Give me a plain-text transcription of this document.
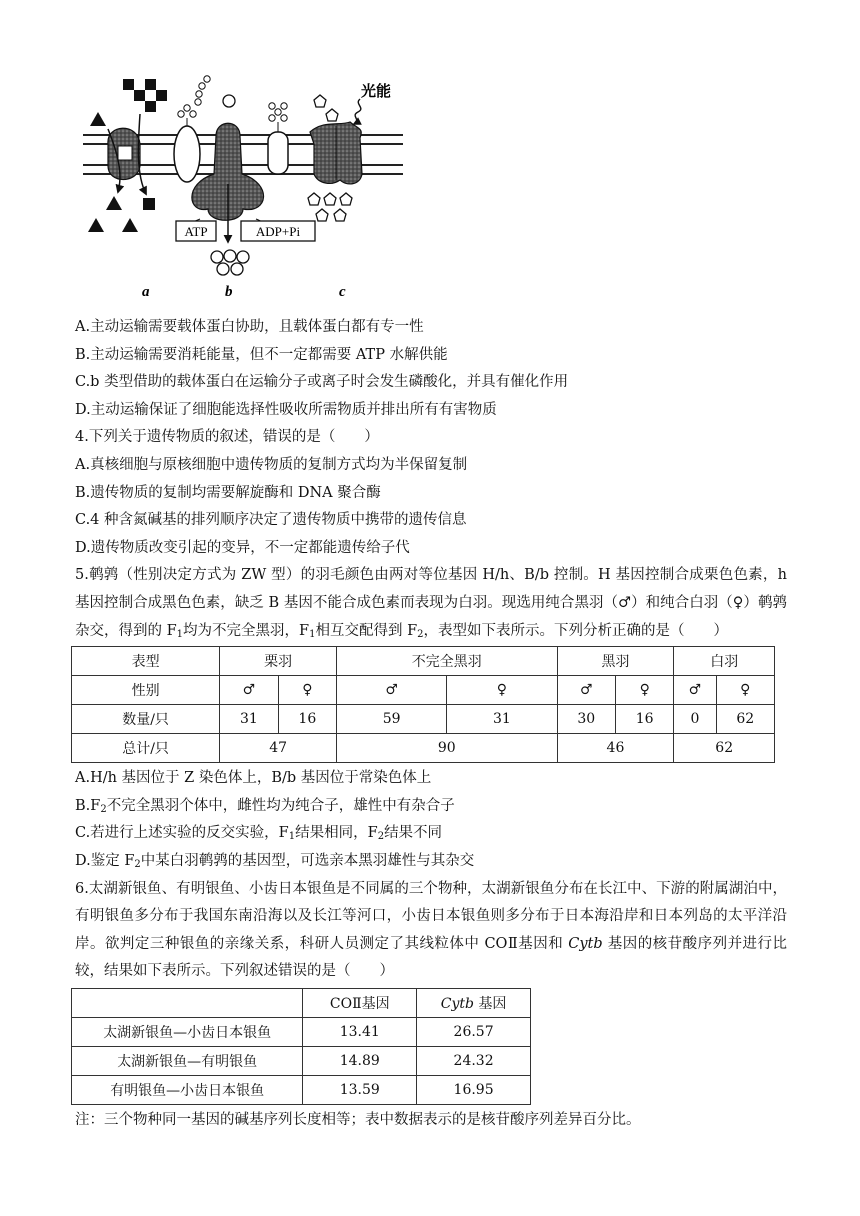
ATP	ADP+Pi
光能
a	b	c
A.主动运输需要载体蛋白协助，且载体蛋白都有专一性
B.主动运输需要消耗能量，但不一定都需要 ATP 水解供能
C.b 类型借助的载体蛋白在运输分子或离子时会发生磷酸化，并具有催化作用
D.主动运输保证了细胞能选择性吸收所需物质并排出所有有害物质
4.下列关于遗传物质的叙述，错误的是（　　）
A.真核细胞与原核细胞中遗传物质的复制方式均为半保留复制
B.遗传物质的复制均需要解旋酶和 DNA 聚合酶
C.4 种含氮碱基的排列顺序决定了遗传物质中携带的遗传信息
D.遗传物质改变引起的变异，不一定都能遗传给子代
5.鹌鹑（性别决定方式为 ZW 型）的羽毛颜色由两对等位基因 H/h、B/b 控制。H 基因控制合成栗色色素，h 基因控制合成黑色色素，缺乏 B 基因不能合成色素而表现为白羽。现选用纯合黑羽（♂）和纯合白羽（♀）鹌鹑杂交，得到的 $F_1$均为不完全黑羽，$F_1$相互交配得到 $F_2$，表型如下表所示。下列分析正确的是（　　）
表型	栗羽		不完全黑羽		黑羽		白羽	
性别	♂	♀	♂	♀	♂	♀	♂	♀
数量/只	31	16	59	31	30	16	0	62
总计/只	47		90		46		62	
A.H/h 基因位于 Z 染色体上，B/b 基因位于常染色体上
$B.F_2$不完全黑羽个体中，雌性均为纯合子，雄性中有杂合子
C.若进行上述实验的反交实验，$F_1$结果相同，$F_2$结果不同
D.鉴定 $F_2$中某白羽鹌鹑的基因型，可选亲本黑羽雄性与其杂交
6.太湖新银鱼、有明银鱼、小齿日本银鱼是不同属的三个物种，太湖新银鱼分布在长江中、下游的附属湖泊中，有明银鱼多分布于我国东南沿海以及长江等河口，小齿日本银鱼则多分布于日本海沿岸和日本列岛的太平洋沿岸。欲判定三种银鱼的亲缘关系，科研人员测定了其线粒体中 COⅡ基因和 Cytb 基因的核苷酸序列并进行比较，结果如下表所示。下列叙述错误的是（　　）
	COⅡ基因	Cytb 基因
太湖新银鱼—小齿日本银鱼	13.41	26.57
太湖新银鱼—有明银鱼	14.89	24.32
有明银鱼—小齿日本银鱼	13.59	16.95
注：三个物种同一基因的碱基序列长度相等；表中数据表示的是核苷酸序列差异百分比。
